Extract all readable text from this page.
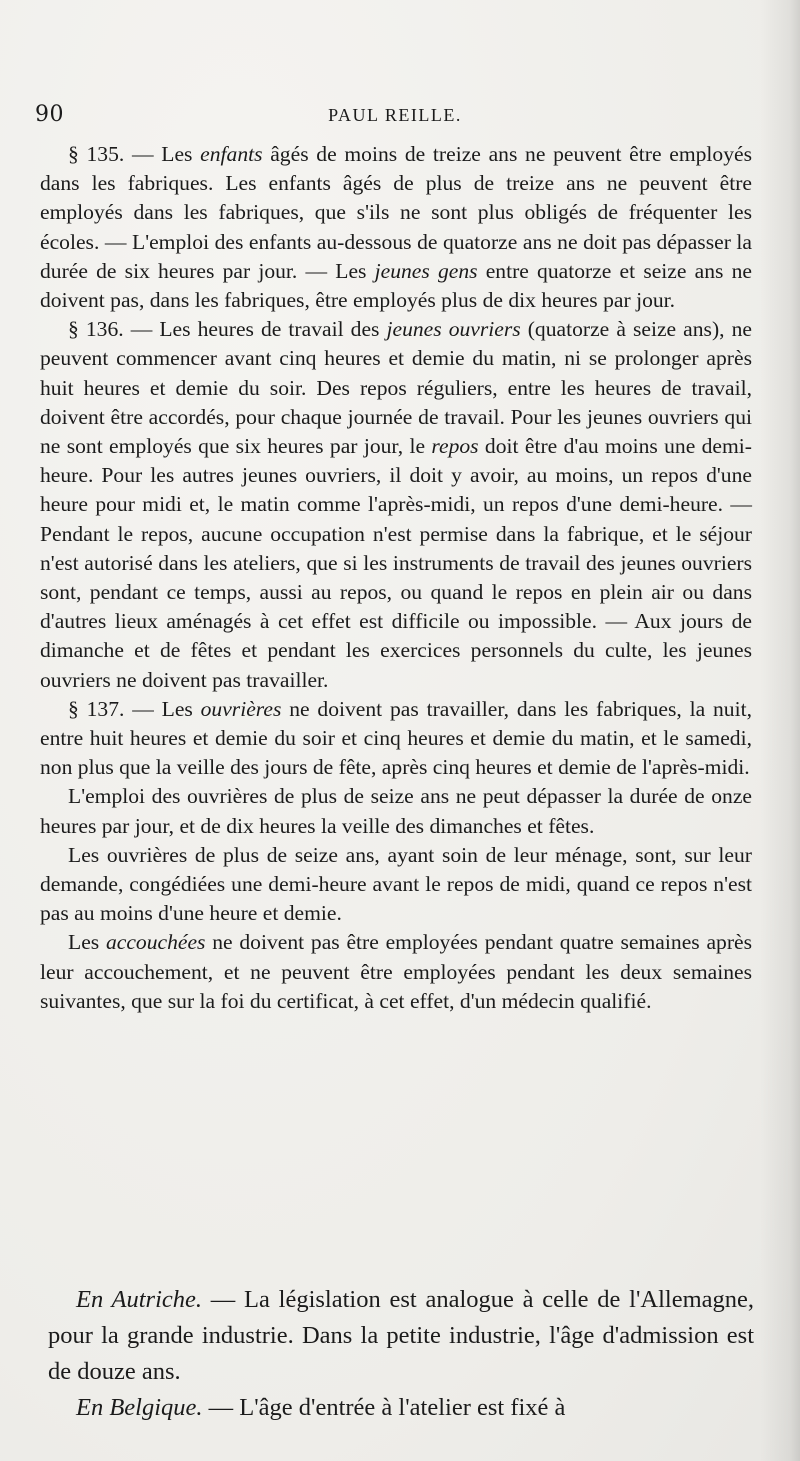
90	PAUL REILLE.

§ 135. — Les enfants âgés de moins de treize ans ne peuvent être employés dans les fabriques. Les enfants âgés de plus de treize ans ne peuvent être employés dans les fabriques, que s'ils ne sont plus obligés de fréquenter les écoles. — L'emploi des enfants au-dessous de quatorze ans ne doit pas dépasser la durée de six heures par jour. — Les jeunes gens entre quatorze et seize ans ne doivent pas, dans les fabriques, être employés plus de dix heures par jour.

§ 136. — Les heures de travail des jeunes ouvriers (quatorze à seize ans), ne peuvent commencer avant cinq heures et demie du matin, ni se prolonger après huit heures et demie du soir. Des repos réguliers, entre les heures de travail, doivent être accordés, pour chaque journée de travail. Pour les jeunes ouvriers qui ne sont employés que six heures par jour, le repos doit être d'au moins une demi-heure. Pour les autres jeunes ouvriers, il doit y avoir, au moins, un repos d'une heure pour midi et, le matin comme l'après-midi, un repos d'une demi-heure. — Pendant le repos, aucune occupation n'est permise dans la fabrique, et le séjour n'est autorisé dans les ateliers, que si les instruments de travail des jeunes ouvriers sont, pendant ce temps, aussi au repos, ou quand le repos en plein air ou dans d'autres lieux aménagés à cet effet est difficile ou impossible. — Aux jours de dimanche et de fêtes et pendant les exercices personnels du culte, les jeunes ouvriers ne doivent pas travailler.

§ 137. — Les ouvrières ne doivent pas travailler, dans les fabriques, la nuit, entre huit heures et demie du soir et cinq heures et demie du matin, et le samedi, non plus que la veille des jours de fête, après cinq heures et demie de l'après-midi.

L'emploi des ouvrières de plus de seize ans ne peut dépasser la durée de onze heures par jour, et de dix heures la veille des dimanches et fêtes.

Les ouvrières de plus de seize ans, ayant soin de leur ménage, sont, sur leur demande, congédiées une demi-heure avant le repos de midi, quand ce repos n'est pas au moins d'une heure et demie.

Les accouchées ne doivent pas être employées pendant quatre semaines après leur accouchement, et ne peuvent être employées pendant les deux semaines suivantes, que sur la foi du certificat, à cet effet, d'un médecin qualifié.

En Autriche. — La législation est analogue à celle de l'Allemagne, pour la grande industrie. Dans la petite industrie, l'âge d'admission est de douze ans.

En Belgique. — L'âge d'entrée à l'atelier est fixé à
